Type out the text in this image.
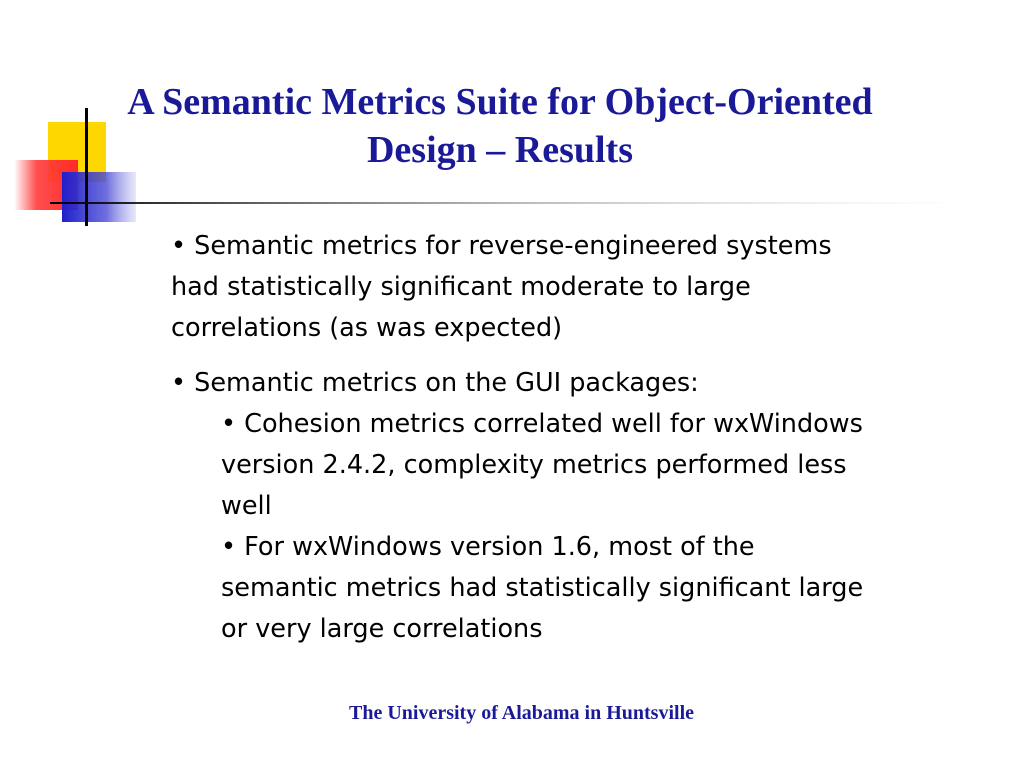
A Semantic Metrics Suite for Object-Oriented Design – Results

• Semantic metrics for reverse-engineered systems had statistically significant moderate to large correlations (as was expected)

• Semantic metrics on the GUI packages:

• Cohesion metrics correlated well for wxWindows version 2.4.2, complexity metrics performed less well

• For wxWindows version 1.6, most of the semantic metrics had statistically significant large or very large correlations

The University of Alabama in Huntsville
